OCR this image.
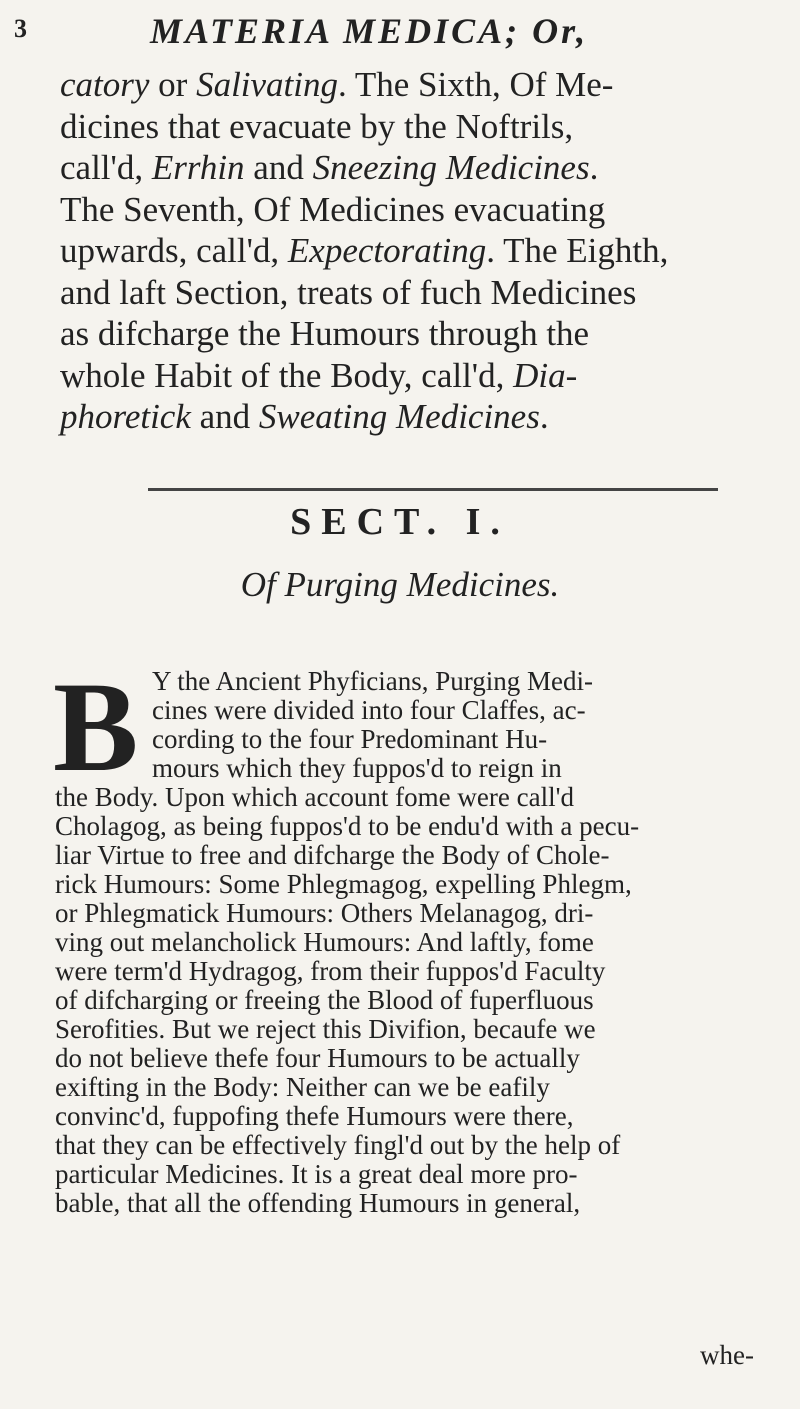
3	MATERIA MEDICA; Or,
catory or Salivating. The Sixth, Of Me-
dicines that evacuate by the Noftrils,
call'd, Errhin and Sneezing Medicines.
The Seventh, Of Medicines evacuating
upwards, call'd, Expectorating. The Eighth,
and laft Section, treats of fuch Medicines
as difcharge the Humours through the
whole Habit of the Body, call'd, Dia-
phoretick and Sweating Medicines.
SECT. I.
Of Purging Medicines.
B Y the Ancient Phyficians, Purging Medi-
cines were divided into four Claffes, ac-
cording to the four Predominant Hu-
mours which they fuppos'd to reign in
the Body. Upon which account fome were call'd
Cholagog, as being fuppos'd to be endu'd with a pecu-
liar Virtue to free and difcharge the Body of Chole-
rick Humours: Some Phlegmagog, expelling Phlegm,
or Phlegmatick Humours: Others Melanagog, dri-
ving out melancholick Humours: And laftly, fome
were term'd Hydragog, from their fuppos'd Faculty
of difcharging or freeing the Blood of fuperfluous
Serofities. But we reject this Divifion, becaufe we
do not believe thefe four Humours to be actually
exifting in the Body: Neither can we be eafily
convinc'd, fuppofing thefe Humours were there,
that they can be effectively fingl'd out by the help of
particular Medicines. It is a great deal more pro-
bable, that all the offending Humours in general,
whe-
